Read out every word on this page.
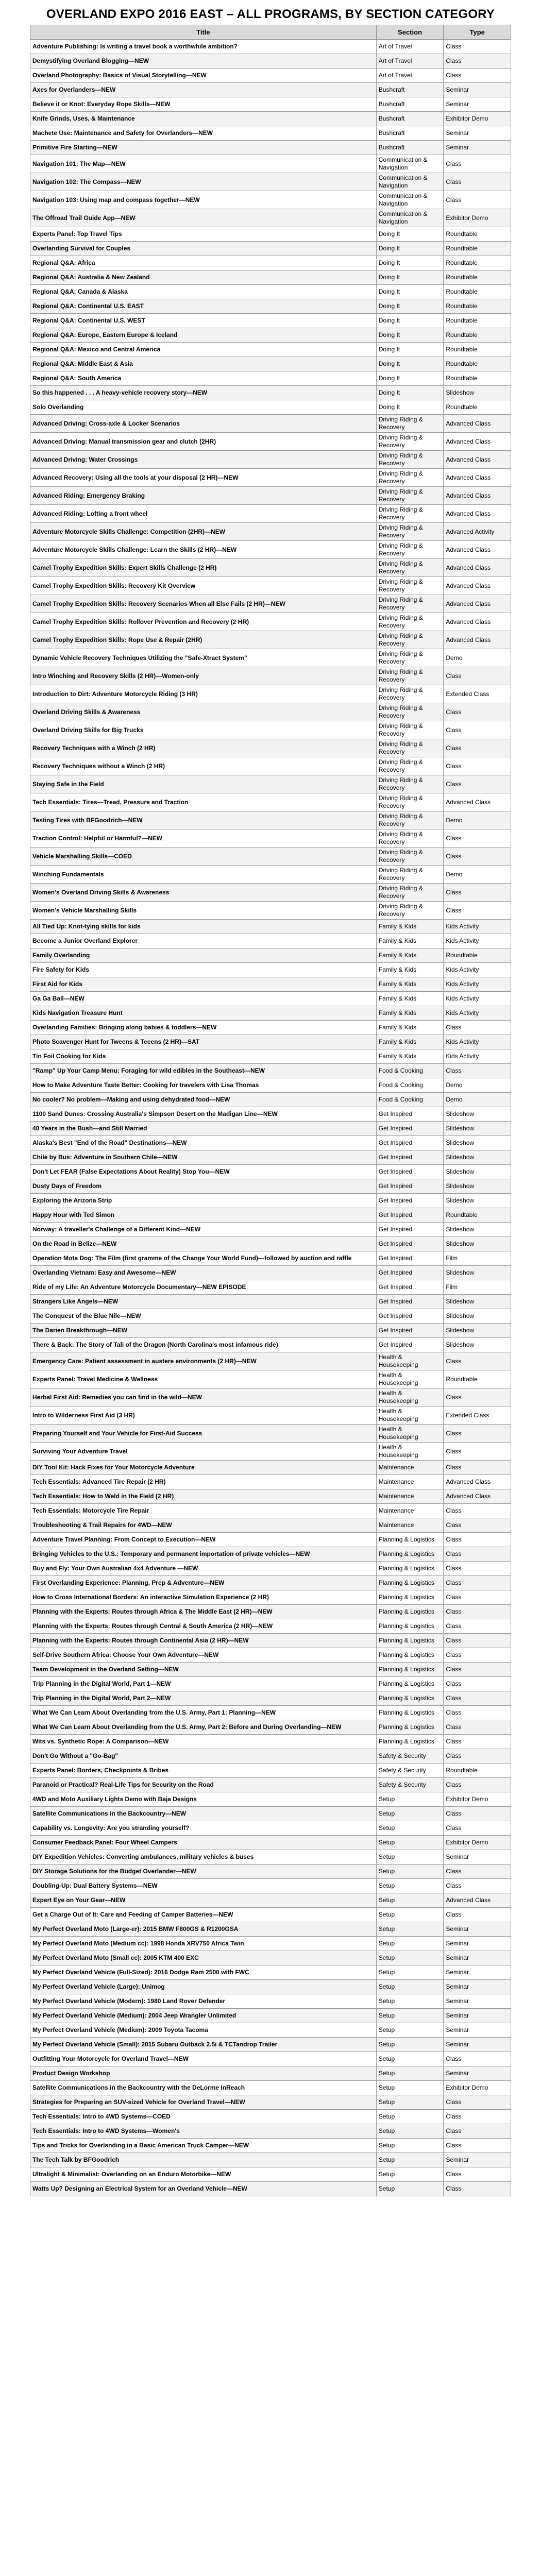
OVERLAND EXPO 2016 EAST – ALL PROGRAMS, BY SECTION CATEGORY
Title	Section	Type
Adventure Publishing: Is writing a travel book a worthwhile ambition?	Art of Travel	Class
Demystifying Overland Blogging—NEW	Art of Travel	Class
Overland Photography: Basics of Visual Storytelling—NEW	Art of Travel	Class
Axes for Overlanders—NEW	Bushcraft	Seminar
Believe it or Knot: Everyday Rope Skills—NEW	Bushcraft	Seminar
Knife Grinds, Uses, & Maintenance	Bushcraft	Exhibitor Demo
Machete Use: Maintenance and Safety for Overlanders—NEW	Bushcraft	Seminar
Primitive Fire Starting—NEW	Bushcraft	Seminar
Navigation 101: The Map—NEW	Communication & Navigation	Class
Navigation 102: The Compass—NEW	Communication & Navigation	Class
Navigation 103: Using map and compass together—NEW	Communication & Navigation	Class
The Offroad Trail Guide App—NEW	Communication & Navigation	Exhibitor Demo
Experts Panel: Top Travel Tips	Doing It	Roundtable
Overlanding Survival for Couples	Doing It	Roundtable
Regional Q&A: Africa	Doing It	Roundtable
Regional Q&A: Australia & New Zealand	Doing It	Roundtable
Regional Q&A: Canada & Alaska	Doing It	Roundtable
Regional Q&A: Continental U.S. EAST	Doing It	Roundtable
Regional Q&A: Continental U.S. WEST	Doing It	Roundtable
Regional Q&A: Europe, Eastern Europe & Iceland	Doing It	Roundtable
Regional Q&A: Mexico and Central America	Doing It	Roundtable
Regional Q&A: Middle East & Asia	Doing It	Roundtable
Regional Q&A: South America	Doing It	Roundtable
So this happened . . . A heavy-vehicle recovery story—NEW	Doing It	Slideshow
Solo Overlanding	Doing It	Roundtable
Advanced Driving: Cross-axle & Locker Scenarios	Driving Riding & Recovery	Advanced Class
Advanced Driving: Manual transmission gear and clutch (2HR)	Driving Riding & Recovery	Advanced Class
Advanced Driving: Water Crossings	Driving Riding & Recovery	Advanced Class
Advanced Recovery: Using all the tools at your disposal (2 HR)—NEW	Driving Riding & Recovery	Advanced Class
Advanced Riding: Emergency Braking	Driving Riding & Recovery	Advanced Class
Advanced Riding: Lofting a front wheel	Driving Riding & Recovery	Advanced Class
Adventure Motorcycle Skills Challenge: Competition (2HR)—NEW	Driving Riding & Recovery	Advanced Activity
Adventure Motorcycle Skills Challenge: Learn the Skills (2 HR)—NEW	Driving Riding & Recovery	Advanced Class
Camel Trophy Expedition Skills: Expert Skills Challenge (2 HR)	Driving Riding & Recovery	Advanced Class
Camel Trophy Expedition Skills: Recovery Kit Overview	Driving Riding & Recovery	Advanced Class
Camel Trophy Expedition Skills: Recovery Scenarios When all Else Fails (2 HR)—NEW	Driving Riding & Recovery	Advanced Class
Camel Trophy Expedition Skills: Rollover Prevention and Recovery (2 HR)	Driving Riding & Recovery	Advanced Class
Camel Trophy Expedition Skills: Rope Use & Repair (2HR)	Driving Riding & Recovery	Advanced Class
Dynamic Vehicle Recovery Techniques Utilizing the "Safe-Xtract System"	Driving Riding & Recovery	Demo
Intro Winching and Recovery Skills (2 HR)—Women-only	Driving Riding & Recovery	Class
Introduction to Dirt: Adventure Motorcycle Riding (3 HR)	Driving Riding & Recovery	Extended Class
Overland Driving Skills & Awareness	Driving Riding & Recovery	Class
Overland Driving Skills for Big Trucks	Driving Riding & Recovery	Class
Recovery Techniques with a Winch (2 HR)	Driving Riding & Recovery	Class
Recovery Techniques without a Winch (2 HR)	Driving Riding & Recovery	Class
Staying Safe in the Field	Driving Riding & Recovery	Class
Tech Essentials: Tires—Tread, Pressure and Traction	Driving Riding & Recovery	Advanced Class
Testing Tires with BFGoodrich—NEW	Driving Riding & Recovery	Demo
Traction Control: Helpful or Harmful?—NEW	Driving Riding & Recovery	Class
Vehicle Marshalling Skills—COED	Driving Riding & Recovery	Class
Winching Fundamentals	Driving Riding & Recovery	Demo
Women's Overland Driving Skills & Awareness	Driving Riding & Recovery	Class
Women's Vehicle Marshalling Skills	Driving Riding & Recovery	Class
All Tied Up: Knot-tying skills for kids	Family & Kids	Kids Activity
Become a Junior Overland Explorer	Family & Kids	Kids Activity
Family Overlanding	Family & Kids	Roundtable
Fire Safety for Kids	Family & Kids	Kids Activity
First Aid for Kids	Family & Kids	Kids Activity
Ga Ga Ball—NEW	Family & Kids	Kids Activity
Kids Navigation Treasure Hunt	Family & Kids	Kids Activity
Overlanding Families: Bringing along babies & toddlers—NEW	Family & Kids	Class
Photo Scavenger Hunt for Tweens & Teeens (2 HR)—SAT	Family & Kids	Kids Activity
Tin Foil Cooking for Kids	Family & Kids	Kids Activity
"Ramp" Up Your Camp Menu: Foraging for wild edibles in the Southeast—NEW	Food & Cooking	Class
How to Make Adventure Taste Better: Cooking for travelers with Lisa Thomas	Food & Cooking	Demo
No cooler? No problem—Making and using dehydrated food—NEW	Food & Cooking	Demo
1100 Sand Dunes: Crossing Australia's Simpson Desert on the Madigan Line—NEW	Get Inspired	Slideshow
40 Years in the Bush—and Still Married	Get Inspired	Slideshow
Alaska's Best "End of the Road" Destinations—NEW	Get Inspired	Slideshow
Chile by Bus: Adventure in Southern Chile—NEW	Get Inspired	Slideshow
Don't Let FEAR (False Expectations About Reality) Stop You—NEW	Get Inspired	Slideshow
Dusty Days of Freedom	Get Inspired	Slideshow
Exploring the Arizona Strip	Get Inspired	Slideshow
Happy Hour with Ted Simon	Get Inspired	Roundtable
Norway: A traveller's Challenge of a Different Kind—NEW	Get Inspired	Slideshow
On the Road in Belize—NEW	Get Inspired	Slideshow
Operation Mota Dog: The Film (first gramme of the Change Your World Fund)—followed by auction and raffle	Get Inspired	Film
Overlanding Vietnam: Easy and Awesome—NEW	Get Inspired	Slideshow
Ride of my Life: An Adventure Motorcycle Documentary—NEW EPISODE	Get Inspired	Film
Strangers Like Angels—NEW	Get Inspired	Slideshow
The Conquest of the Blue Nile—NEW	Get Inspired	Slideshow
The Darien Breakthrough—NEW	Get Inspired	Slideshow
There & Back: The Story of Tali of the Dragon (North Carolina's most infamous ride)	Get Inspired	Slideshow
Emergency Care: Patient assessment in austere environments (2 HR)—NEW	Health & Housekeeping	Class
Experts Panel: Travel Medicine & Wellness	Health & Housekeeping	Roundtable
Herbal First Aid: Remedies you can find in the wild—NEW	Health & Housekeeping	Class
Intro to Wilderness First Aid (3 HR)	Health & Housekeeping	Extended Class
Preparing Yourself and Your Vehicle for First-Aid Success	Health & Housekeeping	Class
Surviving Your Adventure Travel	Health & Housekeeping	Class
DIY Tool Kit: Hack Fixes for Your Motorcycle Adventure	Maintenance	Class
Tech Essentials: Advanced Tire Repair (2 HR)	Maintenance	Advanced Class
Tech Essentials: How to Weld in the Field (2 HR)	Maintenance	Advanced Class
Tech Essentials: Motorcycle Tire Repair	Maintenance	Class
Troubleshooting & Trail Repairs for 4WD—NEW	Maintenance	Class
Adventure Travel Planning: From Concept to Execution—NEW	Planning & Logistics	Class
Bringing Vehicles to the U.S.: Temporary and permanent importation of private vehicles—NEW	Planning & Logistics	Class
Buy and Fly: Your Own Australian 4x4 Adventure —NEW	Planning & Logistics	Class
First Overlanding Experience: Planning, Prep & Adventure—NEW	Planning & Logistics	Class
How to Cross International Borders: An interactive Simulation Experience (2 HR)	Planning & Logistics	Class
Planning with the Experts: Routes through Africa & The Middle East (2 HR)—NEW	Planning & Logistics	Class
Planning with the Experts: Routes through Central & South America (2 HR)—NEW	Planning & Logistics	Class
Planning with the Experts: Routes through Continental Asia (2 HR)—NEW	Planning & Logistics	Class
Self-Drive Southern Africa: Choose Your Own Adventure—NEW	Planning & Logistics	Class
Team Development in the Overland Setting—NEW	Planning & Logistics	Class
Trip Planning in the Digital World, Part 1—NEW	Planning & Logistics	Class
Trip Planning in the Digital World, Part 2—NEW	Planning & Logistics	Class
What We Can Learn About Overlanding from the U.S. Army, Part 1: Planning—NEW	Planning & Logistics	Class
What We Can Learn About Overlanding from the U.S. Army, Part 2: Before and During Overlanding—NEW	Planning & Logistics	Class
Wits vs. Synthetic Rope: A Comparison—NEW	Planning & Logistics	Class
Don't Go Without a "Go-Bag"	Safety & Security	Class
Experts Panel: Borders, Checkpoints & Bribes	Safety & Security	Roundtable
Paranoid or Practical? Real-Life Tips for Security on the Road	Safety & Security	Class
4WD and Moto Auxiliary Lights Demo with Baja Designs	Setup	Exhibitor Demo
Satellite Communications in the Backcountry—NEW	Setup	Class
Capability vs. Longevity: Are you stranding yourself?	Setup	Class
Consumer Feedback Panel: Four Wheel Campers	Setup	Exhibitor Demo
DIY Expedition Vehicles: Converting ambulances, military vehicles & buses	Setup	Seminar
DIY Storage Solutions for the Budget Overlander—NEW	Setup	Class
Doubling-Up: Dual Battery Systems—NEW	Setup	Class
Expert Eye on Your Gear—NEW	Setup	Advanced Class
Get a Charge Out of It: Care and Feeding of Camper Batteries—NEW	Setup	Class
My Perfect Overland Moto (Large-er): 2015 BMW F800GS & R1200GSA	Setup	Seminar
My Perfect Overland Moto (Medium cc): 1998 Honda XRV750 Africa Twin	Setup	Seminar
My Perfect Overland Moto (Small cc): 2005 KTM 400 EXC	Setup	Seminar
My Perfect Overland Vehicle (Full-Sized): 2016 Dodge Ram 2500 with FWC	Setup	Seminar
My Perfect Overland Vehicle (Large): Unimog	Setup	Seminar
My Perfect Overland Vehicle (Modern): 1980 Land Rover Defender	Setup	Seminar
My Perfect Overland Vehicle (Medium): 2004 Jeep Wrangler Unlimited	Setup	Seminar
My Perfect Overland Vehicle (Medium): 2009 Toyota Tacoma	Setup	Seminar
My Perfect Overland Vehicle (Small): 2015 Subaru Outback 2.5i & TCTandrop Trailer	Setup	Seminar
Outfitting Your Motorcycle for Overland Travel—NEW	Setup	Class
Product Design Workshop	Setup	Seminar
Satellite Communications in the Backcountry with the DeLorme InReach	Setup	Exhibitor Demo
Strategies for Preparing an SUV-sized Vehicle for Overland Travel—NEW	Setup	Class
Tech Essentials: Intro to 4WD Systems—COED	Setup	Class
Tech Essentials: Intro to 4WD Systems—Women's	Setup	Class
Tips and Tricks for Overlanding in a Basic American Truck Camper—NEW	Setup	Class
The Tech Talk by BFGoodrich	Setup	Seminar
Ultralight & Minimalist: Overlanding on an Enduro Motorbike—NEW	Setup	Class
Watts Up? Designing an Electrical System for an Overland Vehicle—NEW	Setup	Class
